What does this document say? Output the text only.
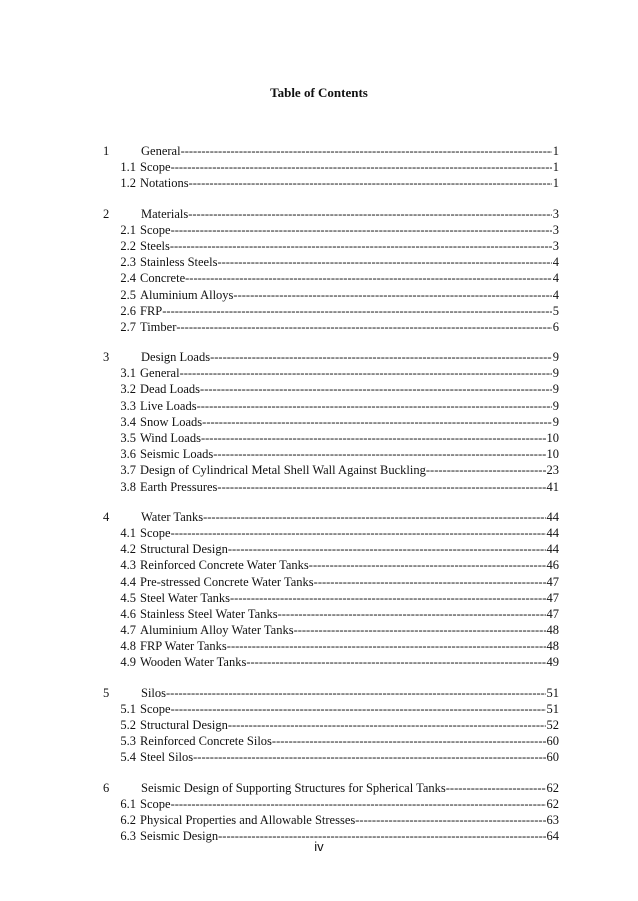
Table of Contents
1	General -----	1
1.1 Scope -----	1
1.2 Notations -----	1
2	Materials -----	3
2.1 Scope -----	3
2.2 Steels -----	3
2.3 Stainless Steels -----	4
2.4 Concrete -----	4
2.5 Aluminium Alloys -----	4
2.6 FRP -----	5
2.7 Timber -----	6
3	Design Loads -----	9
3.1 General -----	9
3.2 Dead Loads -----	9
3.3 Live Loads -----	9
3.4 Snow Loads -----	9
3.5 Wind Loads -----	10
3.6 Seismic Loads -----	10
3.7 Design of Cylindrical Metal Shell Wall Against Buckling -----	23
3.8 Earth Pressures -----	41
4	Water Tanks -----	44
4.1 Scope -----	44
4.2 Structural Design -----	44
4.3 Reinforced Concrete Water Tanks -----	46
4.4 Pre-stressed Concrete Water Tanks -----	47
4.5 Steel Water Tanks -----	47
4.6 Stainless Steel Water Tanks -----	47
4.7 Aluminium Alloy Water Tanks -----	48
4.8 FRP Water Tanks -----	48
4.9 Wooden Water Tanks -----	49
5	Silos -----	51
5.1 Scope -----	51
5.2 Structural Design -----	52
5.3 Reinforced Concrete Silos -----	60
5.4 Steel Silos -----	60
6	Seismic Design of Supporting Structures for Spherical Tanks -----	62
6.1 Scope -----	62
6.2 Physical Properties and Allowable Stresses -----	63
6.3 Seismic Design -----	64
iv
